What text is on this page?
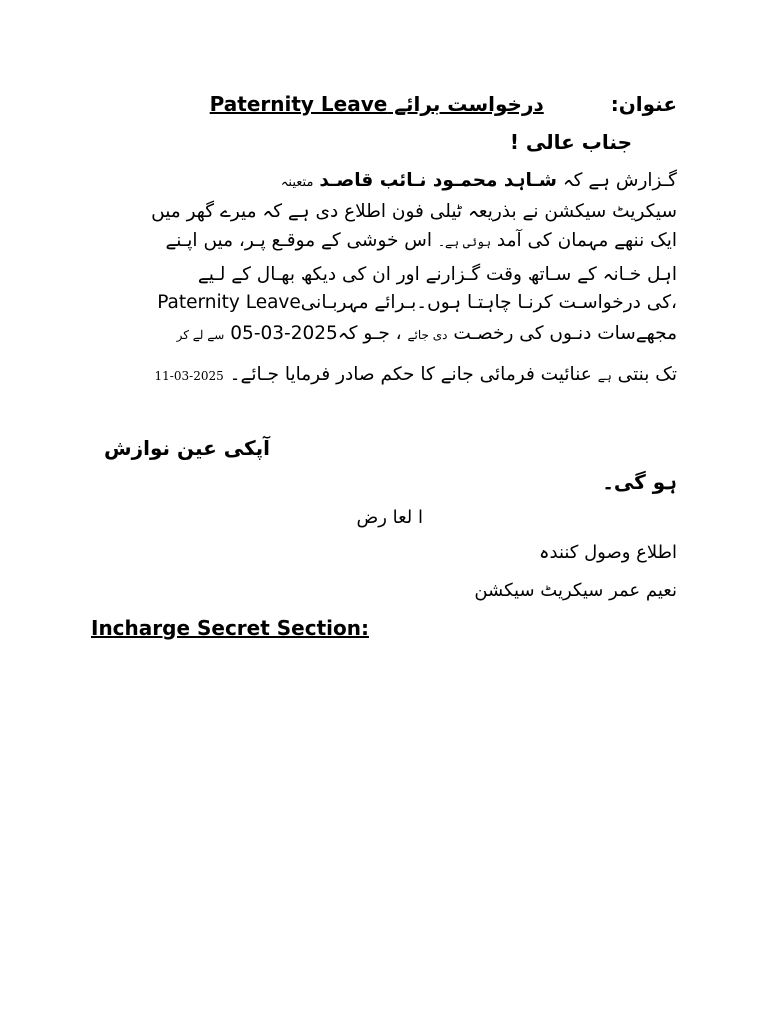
عنوان: درخواست برائے Paternity Leave
جناب عالی !
گـزارش ہے کہ شـاہد محمـود نـائب قاصـد متعینہ
سیکریٹ سیکشن نے بذریعہ ٹیلی فون اطلاع دی ہے کہ میرے گھر میں
ایک ننھے مہمان کی آمد ہوئی ہے۔ اس خوشی کے موقـع پـر، میں اپـنے
اہل خـانہ کے سـاتھ وقت گـزارنے اور ان کی دیکھ بھـال کے لـیے
Paternity Leaveکی درخواسـت کرنـا چاہتـا ہوں۔بـرائے مہربـانی،
مجھےسات دنـوں کی رخصـت دی جائے ، جـو کہ2025-03-05 سے لے کر
تک بنتی ہے عنائیت فرمائی جانے کا حکم صادر فرمایا جـائے۔ 2025-03-11
آپکی عین نوازش
ہو گی۔
ا لعا رض
اطلاع وصول کنندہ
نعیم عمر سیکریٹ سیکشن
Incharge Secret Section:
